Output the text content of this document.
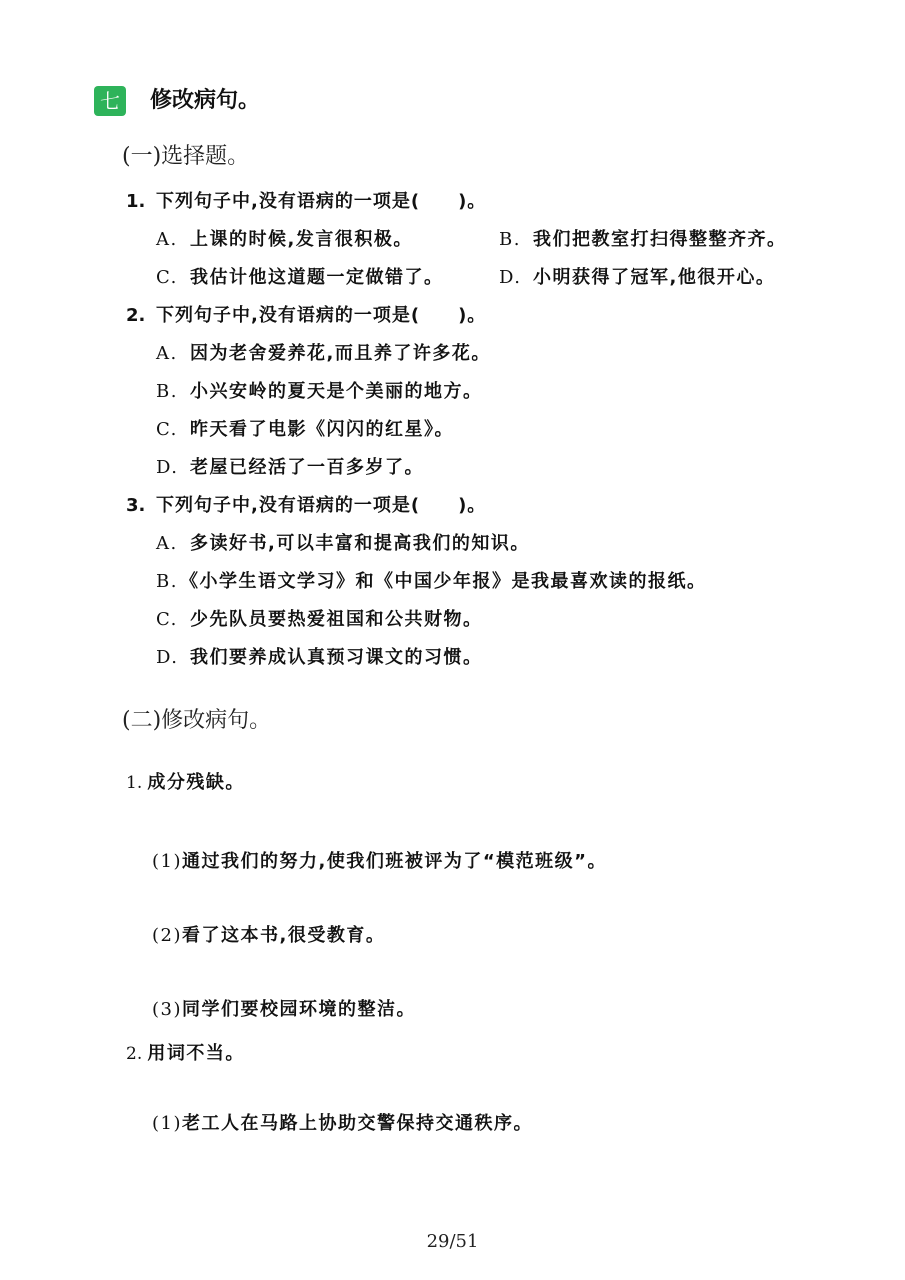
七 修改病句。
(一)选择题。
1. 下列句子中,没有语病的一项是(　　)。
A. 上课的时候,发言很积极。	B. 我们把教室打扫得整整齐齐。
C. 我估计他这道题一定做错了。	D. 小明获得了冠军,他很开心。
2. 下列句子中,没有语病的一项是(　　)。
A. 因为老舍爱养花,而且养了许多花。
B. 小兴安岭的夏天是个美丽的地方。
C. 昨天看了电影《闪闪的红星》。
D. 老屋已经活了一百多岁了。
3. 下列句子中,没有语病的一项是(　　)。
A. 多读好书,可以丰富和提高我们的知识。
B. 《小学生语文学习》和《中国少年报》是我最喜欢读的报纸。
C. 少先队员要热爱祖国和公共财物。
D. 我们要养成认真预习课文的习惯。
(二)修改病句。
1. 成分残缺。
(1)通过我们的努力,使我们班被评为了“模范班级”。
(2)看了这本书,很受教育。
(3)同学们要校园环境的整洁。
2. 用词不当。
(1)老工人在马路上协助交警保持交通秩序。
29/51
